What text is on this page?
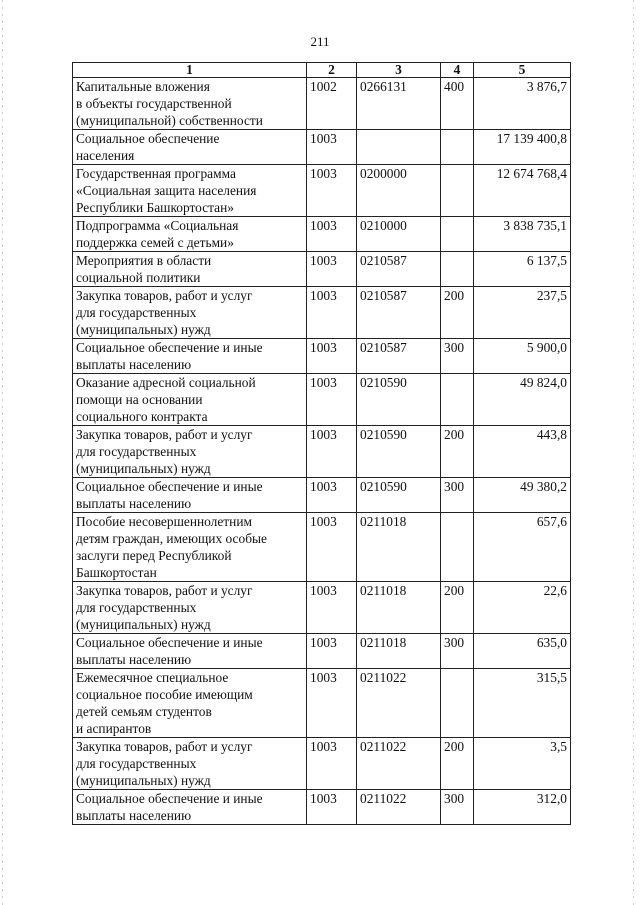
211
1	2	3	4	5
Капитальные вложения
в объекты государственной
(муниципальной) собственности	1002	0266131	400	3 876,7
Социальное обеспечение
населения	1003			17 139 400,8
Государственная программа
«Социальная защита населения
Республики Башкортостан»	1003	0200000		12 674 768,4
Подпрограмма «Социальная
поддержка семей с детьми»	1003	0210000		3 838 735,1
Мероприятия в области
социальной политики	1003	0210587		6 137,5
Закупка товаров, работ и услуг
для государственных
(муниципальных) нужд	1003	0210587	200	237,5
Социальное обеспечение и иные
выплаты населению	1003	0210587	300	5 900,0
Оказание адресной социальной
помощи на основании
социального контракта	1003	0210590		49 824,0
Закупка товаров, работ и услуг
для государственных
(муниципальных) нужд	1003	0210590	200	443,8
Социальное обеспечение и иные
выплаты населению	1003	0210590	300	49 380,2
Пособие несовершеннолетним
детям граждан, имеющих особые
заслуги перед Республикой
Башкортостан	1003	0211018		657,6
Закупка товаров, работ и услуг
для государственных
(муниципальных) нужд	1003	0211018	200	22,6
Социальное обеспечение и иные
выплаты населению	1003	0211018	300	635,0
Ежемесячное специальное
социальное пособие имеющим
детей семьям студентов
и аспирантов	1003	0211022		315,5
Закупка товаров, работ и услуг
для государственных
(муниципальных) нужд	1003	0211022	200	3,5
Социальное обеспечение и иные
выплаты населению	1003	0211022	300	312,0
